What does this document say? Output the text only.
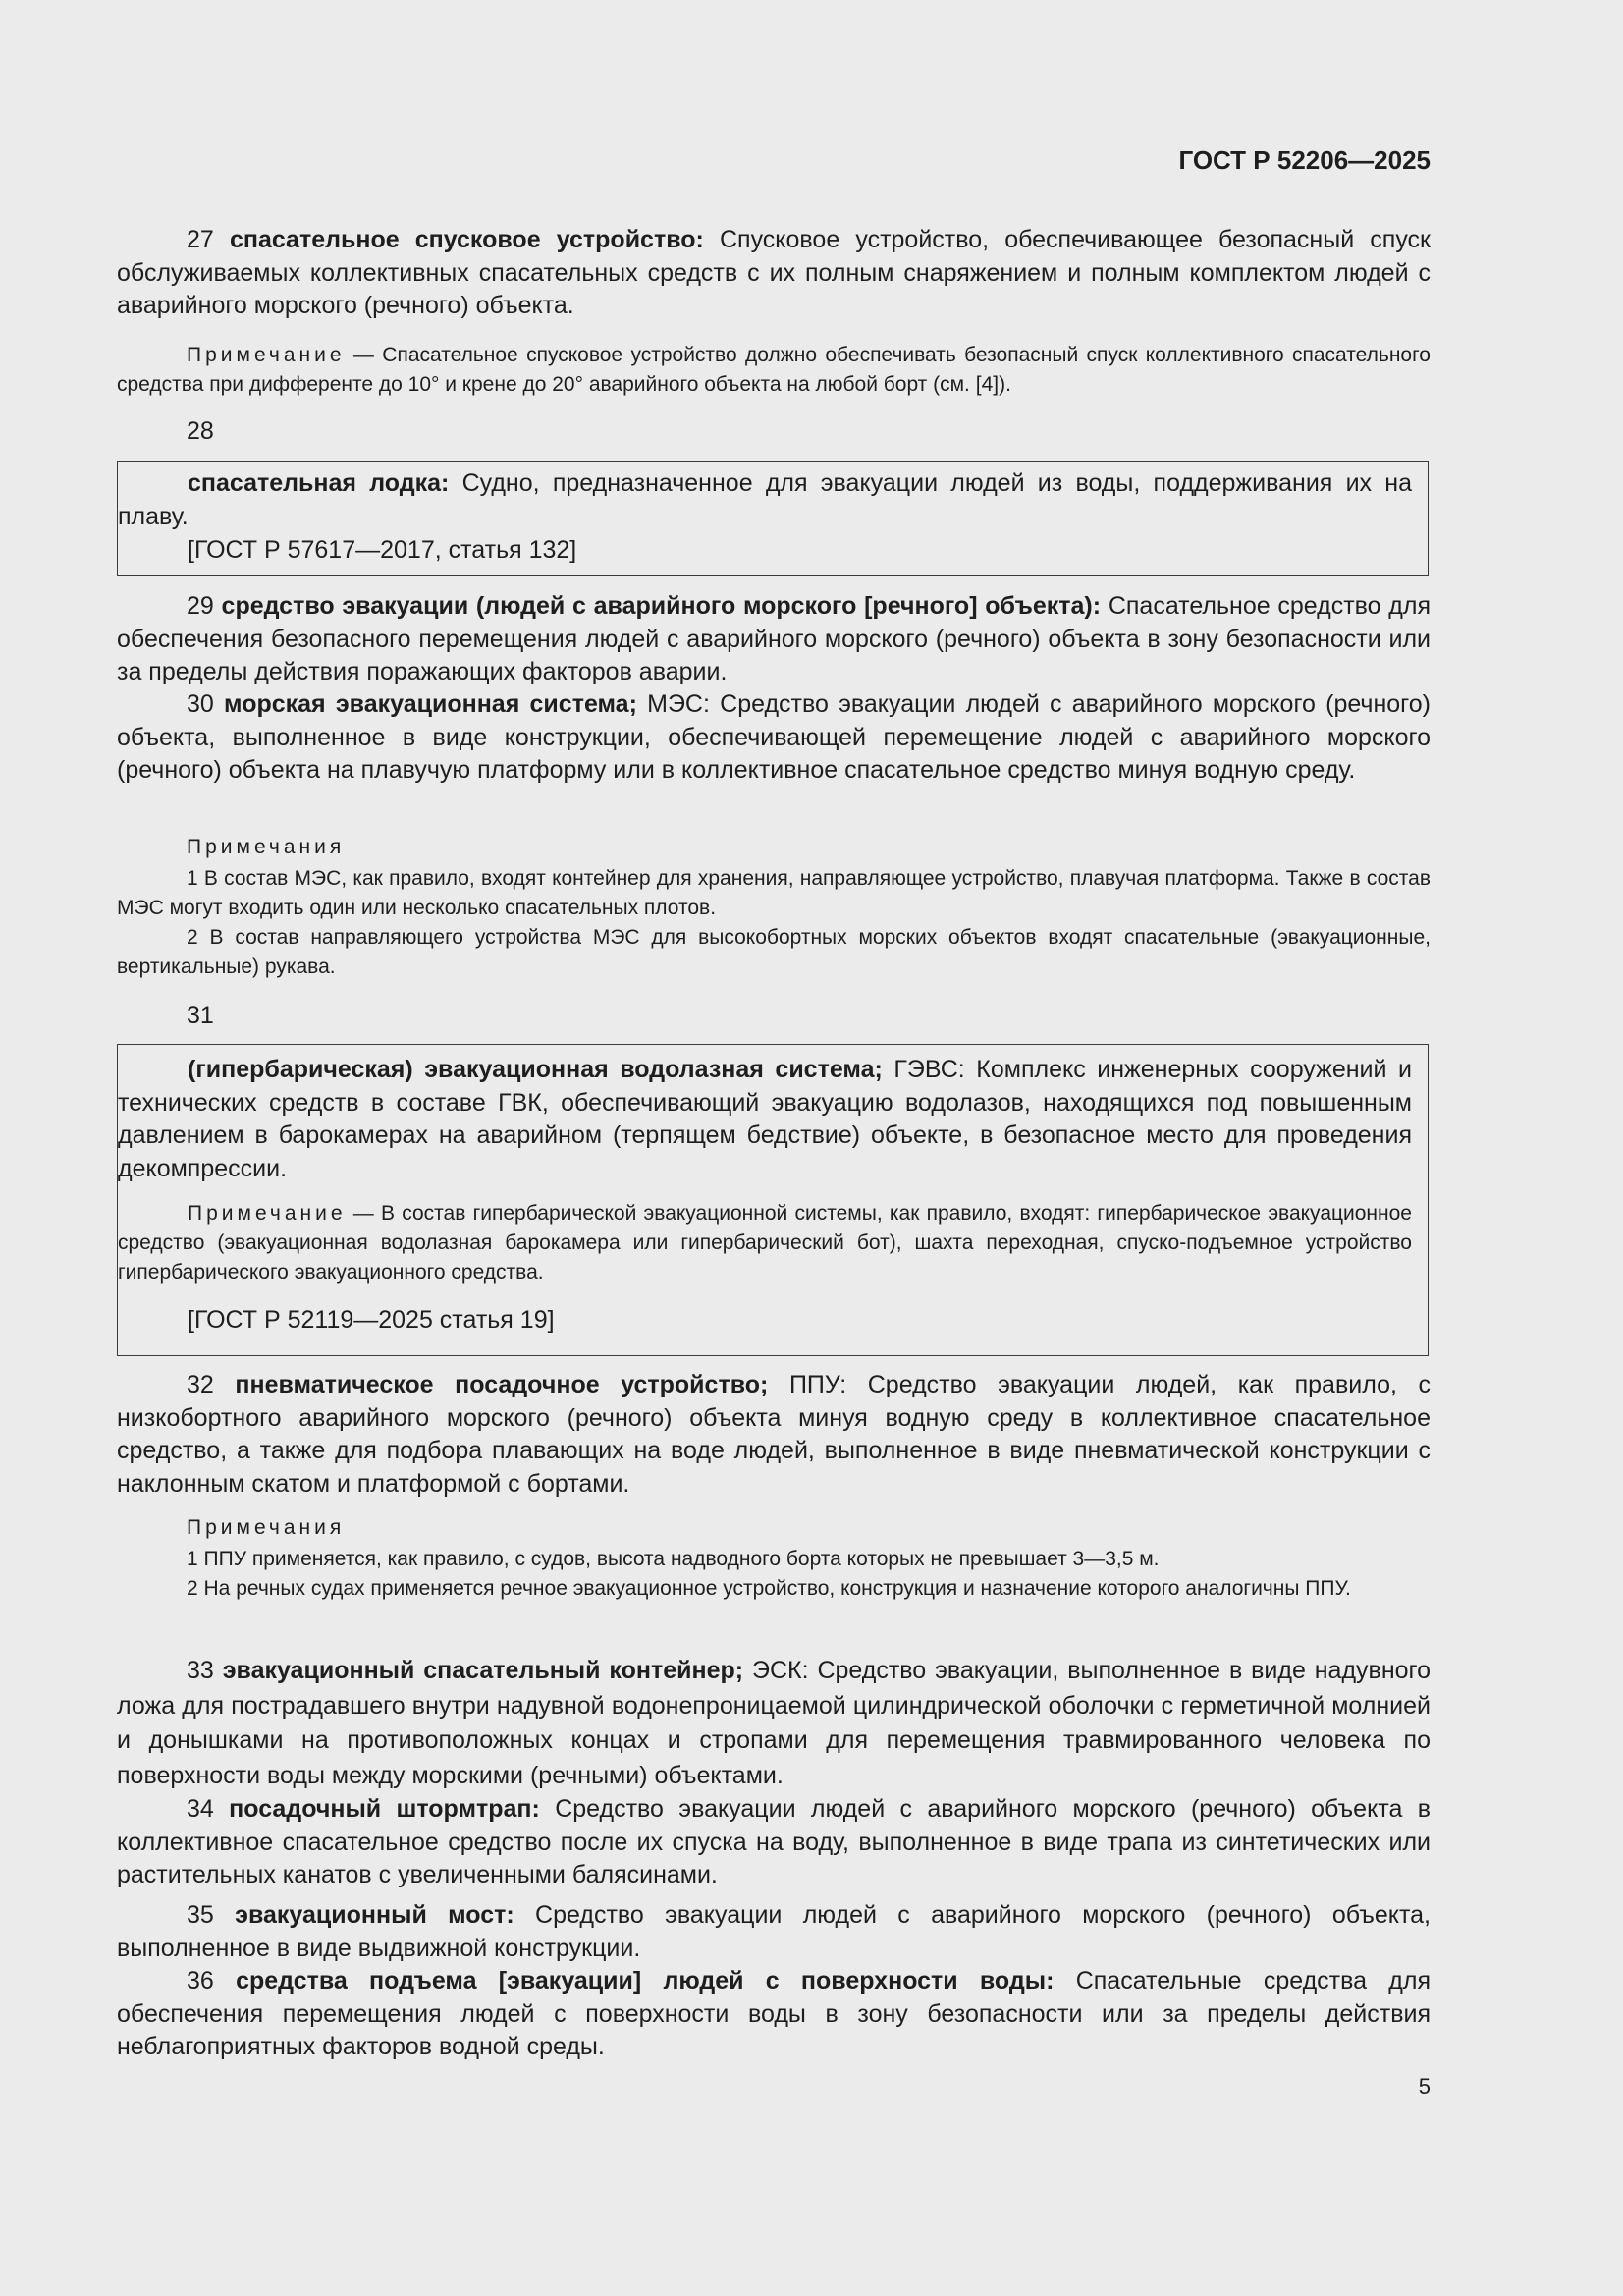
ГОСТ Р 52206—2025
27 спасательное спусковое устройство: Спусковое устройство, обеспечивающее безопасный спуск обслуживаемых коллективных спасательных средств с их полным снаряжением и полным комплектом людей с аварийного морского (речного) объекта.
Примечание — Спасательное спусковое устройство должно обеспечивать безопасный спуск коллективного спасательного средства при дифференте до 10° и крене до 20° аварийного объекта на любой борт (см. [4]).
28
спасательная лодка: Судно, предназначенное для эвакуации людей из воды, поддерживания их на плаву.
[ГОСТ Р 57617—2017, статья 132]
29 средство эвакуации (людей с аварийного морского [речного] объекта): Спасательное средство для обеспечения безопасного перемещения людей с аварийного морского (речного) объекта в зону безопасности или за пределы действия поражающих факторов аварии.
30 морская эвакуационная система; МЭС: Средство эвакуации людей с аварийного морского (речного) объекта, выполненное в виде конструкции, обеспечивающей перемещение людей с аварийного морского (речного) объекта на плавучую платформу или в коллективное спасательное средство минуя водную среду.
Примечания
1 В состав МЭС, как правило, входят контейнер для хранения, направляющее устройство, плавучая платформа. Также в состав МЭС могут входить один или несколько спасательных плотов.
2 В состав направляющего устройства МЭС для высокобортных морских объектов входят спасательные (эвакуационные, вертикальные) рукава.
31
(гипербарическая) эвакуационная водолазная система; ГЭВС: Комплекс инженерных сооружений и технических средств в составе ГВК, обеспечивающий эвакуацию водолазов, находящихся под повышенным давлением в барокамерах на аварийном (терпящем бедствие) объекте, в безопасное место для проведения декомпрессии.
Примечание — В состав гипербарической эвакуационной системы, как правило, входят: гипербарическое эвакуационное средство (эвакуационная водолазная барокамера или гипербарический бот), шахта переходная, спуско-подъемное устройство гипербарического эвакуационного средства.
[ГОСТ Р 52119—2025 статья 19]
32 пневматическое посадочное устройство; ППУ: Средство эвакуации людей, как правило, с низкобортного аварийного морского (речного) объекта минуя водную среду в коллективное спасательное средство, а также для подбора плавающих на воде людей, выполненное в виде пневматической конструкции с наклонным скатом и платформой с бортами.
Примечания
1 ППУ применяется, как правило, с судов, высота надводного борта которых не превышает 3—3,5 м.
2 На речных судах применяется речное эвакуационное устройство, конструкция и назначение которого аналогичны ППУ.
33 эвакуационный спасательный контейнер; ЭСК: Средство эвакуации, выполненное в виде надувного ложа для пострадавшего внутри надувной водонепроницаемой цилиндрической оболочки с герметичной молнией и донышками на противоположных концах и стропами для перемещения травмированного человека по поверхности воды между морскими (речными) объектами.
34 посадочный штормтрап: Средство эвакуации людей с аварийного морского (речного) объекта в коллективное спасательное средство после их спуска на воду, выполненное в виде трапа из синтетических или растительных канатов с увеличенными балясинами.
35 эвакуационный мост: Средство эвакуации людей с аварийного морского (речного) объекта, выполненное в виде выдвижной конструкции.
36 средства подъема [эвакуации] людей с поверхности воды: Спасательные средства для обеспечения перемещения людей с поверхности воды в зону безопасности или за пределы действия неблагоприятных факторов водной среды.
5
